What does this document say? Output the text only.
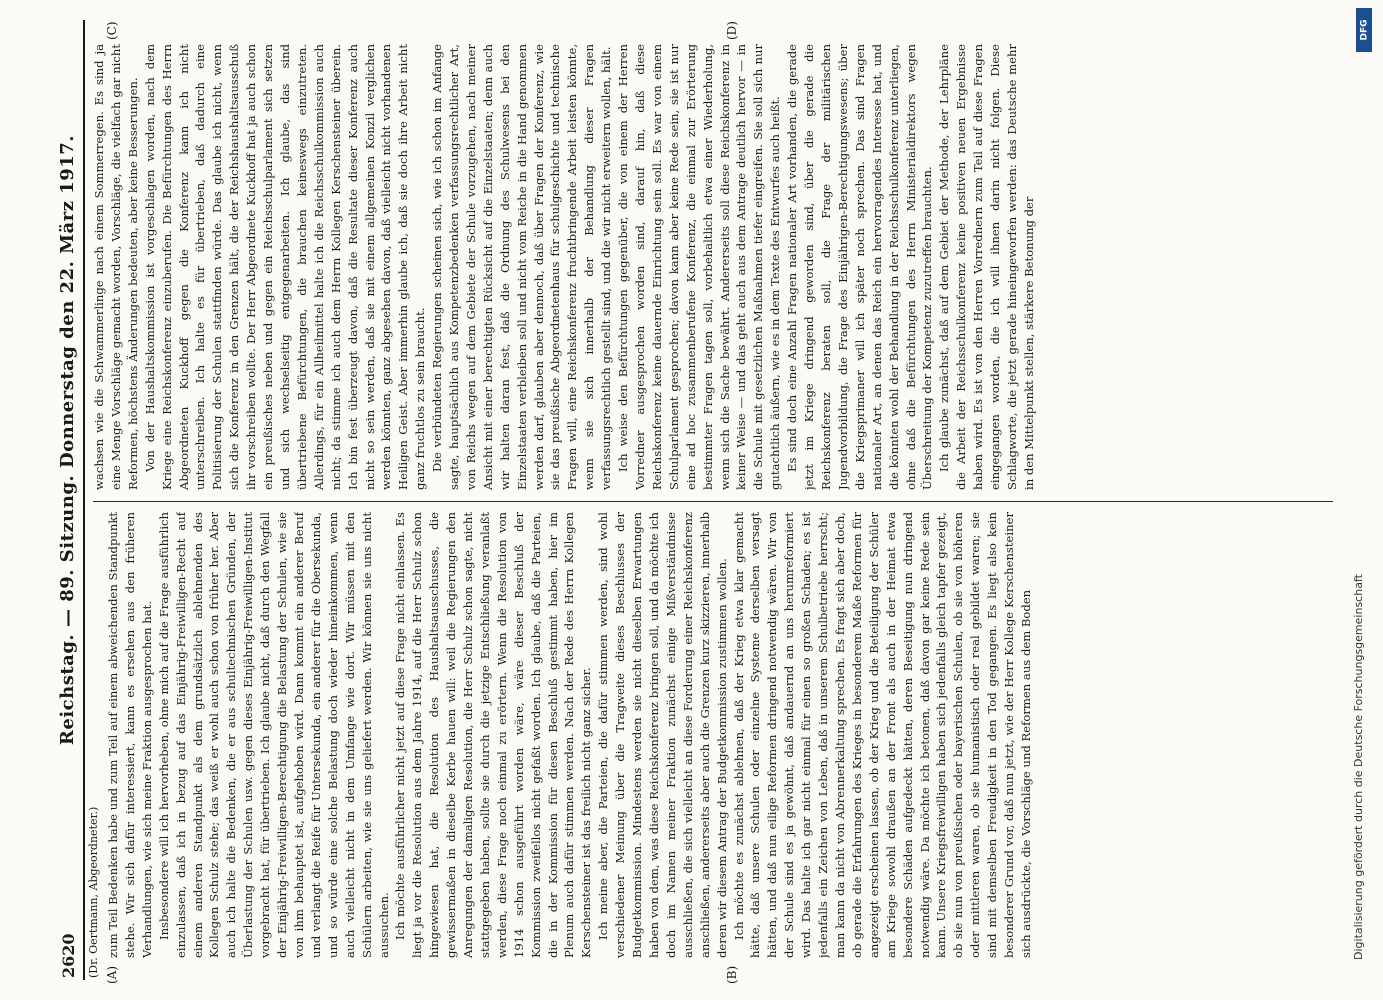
2620
Reichstag. — 89. Sitzung. Donnerstag den 22. März 1917.
(Dr. Oertmann, Abgeordneter.) (A)	(B)
(C)	(D)

zum Teil Bedenken habe und zum Teil auf einem abweichenden Standpunkt stehe. Wir sich dafür interessiert, kann es ersehen aus den früheren Verhandlungen, wie sich meine Fraktion ausgesprochen hat. Insbesondere will ich hervorheben, ohne mich auf die Frage ausführlich einzulassen, daß ich in bezug auf das Einjährig-Freiwilligen-Recht auf einem anderen Standpunkt als dem grundsätzlich ablehnenden des Kollegen Schulz stehe; das weiß er wohl auch schon von früher her. Aber auch ich halte die Bedenken, die er aus schultechnischen Gründen, der Überlastung der Schulen usw. gegen dieses Einjährig-Freiwilligen-Institut vorgebracht hat, für übertrieben. Ich glaube nicht, daß durch den Wegfall der Einjährig-Freiwilligen-Berechtigung die Belastung der Schulen, wie sie von ihm behauptet ist, aufgehoben wird. Dann kommt ein anderer Beruf und verlangt die Reife für Untersekunda, ein anderer für die Obersekunda, und so würde eine solche Belastung doch wieder hineinkommen, wenn auch vielleicht nicht in dem Umfange wie dort. Wir müssen mit den Schülern arbeiten, wie sie uns geliefert werden. Wir können sie uns nicht aussuchen. Ich möchte ausführlicher nicht jetzt auf diese Frage nicht einlassen. Es liegt ja vor die Resolution aus dem Jahre 1914, auf die Herr Schulz schon hingewiesen hat, die Resolution des Haushaltsausschusses, die gewissermaßen in dieselbe Kerbe hauen will: weil die Regierungen den Anregungen der damaligen Resolution, die Herr Schulz schon sagte, nicht stattgegeben haben, sollte sie durch die jetzige Entschließung veranlaßt werden, diese Frage noch einmal zu erörtern. Wenn die Resolution von 1914 schon ausgeführt worden wäre, wäre dieser Beschluß der Kommission zweifellos nicht gefaßt worden. Ich glaube, daß die Parteien, die in der Kommission für diesen Beschluß gestimmt haben, hier im Plenum auch dafür stimmen werden. Nach der Rede des Herrn Kollegen Kerschensteiner ist das freilich nicht ganz sicher. Ich meine aber, die Parteien, die dafür stimmen werden, sind wohl verschiedener Meinung über die Tragweite dieses Beschlusses der Budgetkommission. Mindestens werden sie nicht dieselben Erwartungen haben von dem, was diese Reichskonferenz bringen soll, und da möchte ich doch im Namen meiner Fraktion zunächst einige Mißverständnisse ausschließen, die sich vielleicht an diese Forderung einer Reichskonferenz anschließen, andererseits aber auch die Grenzen kurz skizzieren, innerhalb deren wir diesem Antrag der Budgetkommission zustimmen wollen. Ich möchte es zunächst ablehnen, daß der Krieg etwa klar gemacht hätte, daß unsere Schulen oder einzelne Systeme derselben versagt hätten, und daß nun eilige Reformen dringend notwendig wären. Wir von der Schule sind es ja gewöhnt, daß andauernd an uns herumreformiert wird. Das halte ich gar nicht einmal für einen so großen Schaden; es ist jedenfalls ein Zeichen von Leben, daß in unserem Schulbetriebe herrscht; man kann da nicht von Abrennerkaltung sprechen. Es fragt sich aber doch, ob gerade die Erfahrungen des Krieges in besonderem Maße Reformen für angezeigt erscheinen lassen, ob der Krieg und die Beteiligung der Schüler am Kriege sowohl draußen an der Front als auch in der Heimat etwa besondere Schäden aufgedeckt hätten, deren Beseitigung nun dringend notwendig wäre. Da möchte ich betonen, daß davon gar keine Rede sein kann. Unsere Kriegsfreiwilligen haben sich jedenfalls gleich tapfer gezeigt, ob sie nun von preußischen oder bayerischen Schulen, ob sie von höheren oder mittleren waren, ob sie humanistisch oder real gebildet waren; sie sind mit demselben Freudigkeit in den Tod gegangen. Es liegt also kein besonderer Grund vor, daß nun jetzt, wie der Herr Kollege Kerschensteiner sich ausdrückte, die Vorschläge und Reformen aus dem Boden

wachsen wie die Schwammerlinge nach einem Sommerregen. Es sind ja eine Menge Vorschläge gemacht worden, Vorschläge, die vielfach gar nicht Reformen, höchstens Änderungen bedeuten, aber keine Besserungen. Von der Haushaltskommission ist vorgeschlagen worden, nach dem Kriege eine Reichskonferenz einzuberufen. Die Befürchtungen des Herrn Abgeordneten Kuckhoff gegen die Konferenz kann ich nicht unterschreiben. Ich halte es für übertrieben, daß dadurch eine Politisierung der Schulen stattfinden würde. Das glaube ich nicht, wenn sich die Konferenz in den Grenzen hält, die der Reichshaushaltsausschuß ihr vorschreiben wollte. Der Herr Abgeordnete Kuckhoff hat ja auch schon ein preußisches neben und gegen ein Reichsschulparlament sich setzen und sich wechselseitig entgegenarbeiten. Ich glaube, das sind übertriebene Befürchtungen, die brauchen keineswegs einzutreten. Allerdings, für ein Allheilmittel halte ich die Reichsschulkommission auch nicht; da stimme ich auch dem Herrn Kollegen Kerschensteiner überein. Ich bin fest überzeugt davon, daß die Resultate dieser Konferenz auch nicht so sein werden, daß sie mit einem allgemeinen Konzil verglichen werden könnten, ganz abgesehen davon, daß vielleicht nicht vorhandenen Heiligen Geist. Aber immerhin glaube ich, daß sie doch ihre Arbeit nicht ganz fruchtlos zu sein braucht. Die verbündeten Regierungen scheinen sich, wie ich schon im Anfange sagte, hauptsächlich aus Kompetenzbedenken verfassungsrechtlicher Art, von Reichs wegen auf dem Gebiete der Schule vorzugehen, nach meiner Ansicht mit einer berechtigten Rücksicht auf die Einzelstaaten; denn auch wir halten daran fest, daß die Ordnung des Schulwesens bei den Einzelstaaten verbleiben soll und nicht vom Reiche in die Hand genommen werden darf, glauben aber dennoch, daß über Fragen der Konferenz, wie sie das preußische Abgeordnetenhaus für schulgeschichte und technische Fragen will, eine Reichskonferenz fruchtbringende Arbeit leisten könnte, wenn sie sich innerhalb der Behandlung dieser Fragen verfassungsrechtlich gestellt sind, und die wir nicht erweitern wollen, hält. Ich weise den Befürchtungen gegenüber, die von einem der Herren Vorredner ausgesprochen worden sind, darauf hin, daß diese Reichskonferenz keine dauernde Einrichtung sein soll. Es war von einem Schulparlament gesprochen; davon kann aber keine Rede sein, sie ist nur eine ad hoc zusammenberufene Konferenz, die einmal zur Erörterung bestimmter Fragen tagen soll, vorbehaltlich etwa einer Wiederholung, wenn sich die Sache bewährt. Andererseits soll diese Reichskonferenz in keiner Weise — und das geht auch aus dem Antrage deutlich hervor — in die Schule mit gesetzlichen Maßnahmen tiefer eingreifen. Sie soll sich nur gutachtlich äußern, wie es in dem Texte des Entwurfes auch heißt. Es sind doch eine Anzahl Fragen nationaler Art vorhanden, die gerade jetzt im Kriege dringend geworden sind, über die gerade die Reichskonferenz beraten soll, die Frage der militärischen Jugendvorbildung, die Frage des Einjährigen-Berechtigungswesens; über die Kriegsprimaner will ich später noch sprechen. Das sind Fragen nationaler Art, an denen das Reich ein hervorragendes Interesse hat, und die könnten wohl der Behandlung in der Reichsschulkonferenz unterliegen, ohne daß die Befürchtungen des Herrn Ministerialdirektors wegen Überschreitung der Kompetenz zuzutreffen brauchten. Ich glaube zunächst, daß auf dem Gebiet der Methode, der Lehrpläne die Arbeit der Reichsschulkonferenz keine positiven neuen Ergebnisse haben wird. Es ist von den Herren Vorrednern zum Teil auf diese Fragen eingegangen worden, die ich will ihnen darin nicht folgen. Diese Schlagworte, die jetzt gerade hineingeworfen werden: das Deutsche mehr in den Mittelpunkt stellen, stärkere Betonung der

DFG
Digitalisierung gefördert durch die Deutsche Forschungsgemeinschaft
